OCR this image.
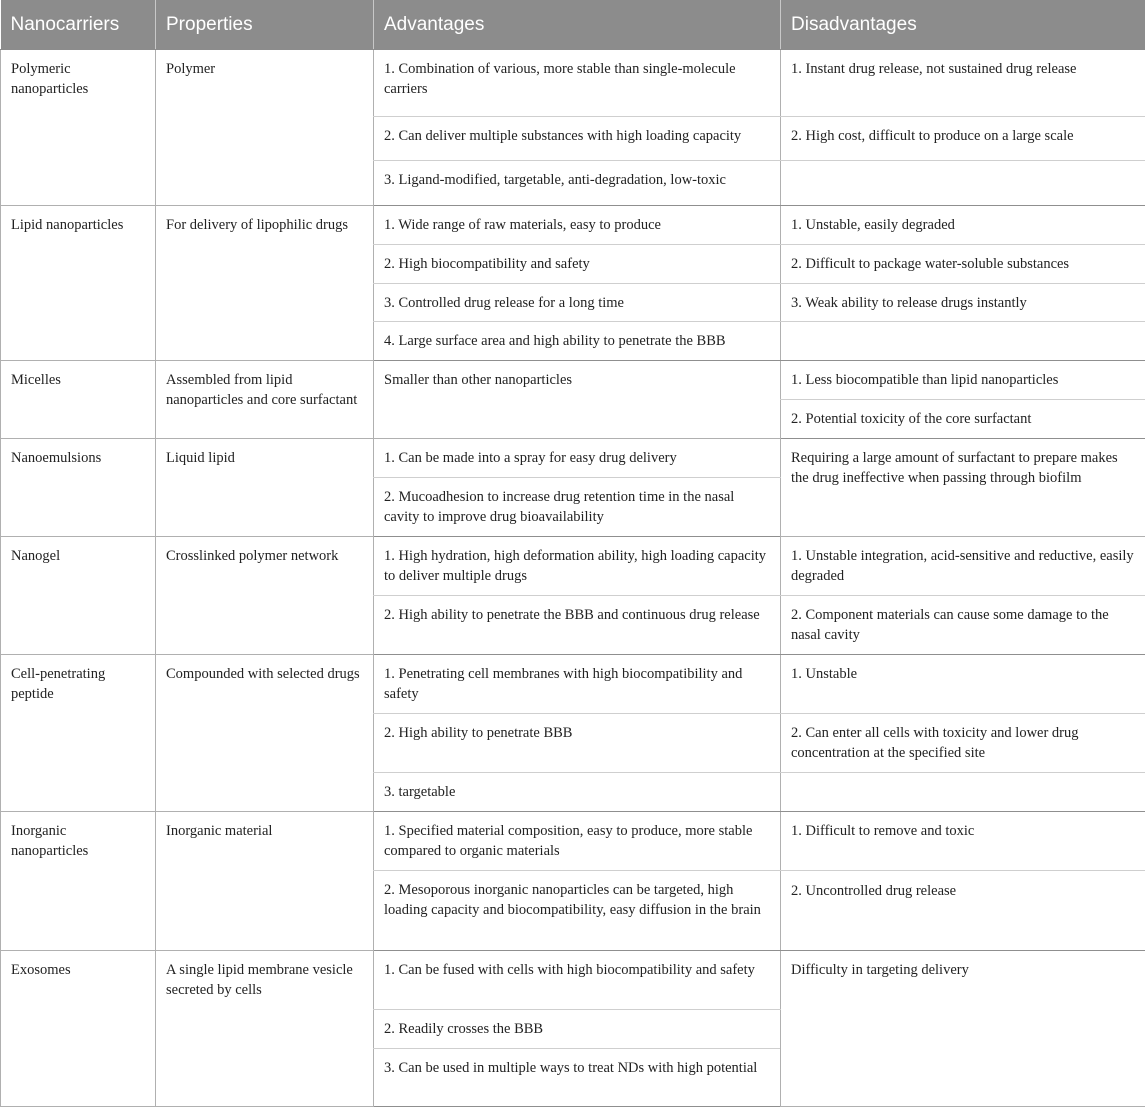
Nanocarriers	Properties	Advantages	Disadvantages
Polymeric nanoparticles	Polymer	1. Combination of various, more stable than single-molecule carriers	1. Instant drug release, not sustained drug release
		2. Can deliver multiple substances with high loading capacity	2. High cost, difficult to produce on a large scale
		3. Ligand-modified, targetable, anti-degradation, low-toxic	
Lipid nanoparticles	For delivery of lipophilic drugs	1. Wide range of raw materials, easy to produce	1. Unstable, easily degraded
		2. High biocompatibility and safety	2. Difficult to package water-soluble substances
		3. Controlled drug release for a long time	3. Weak ability to release drugs instantly
		4. Large surface area and high ability to penetrate the BBB	
Micelles	Assembled from lipid nanoparticles and core surfactant	Smaller than other nanoparticles	1. Less biocompatible than lipid nanoparticles
			2. Potential toxicity of the core surfactant
Nanoemulsions	Liquid lipid	1. Can be made into a spray for easy drug delivery	Requiring a large amount of surfactant to prepare makes the drug ineffective when passing through biofilm
		2. Mucoadhesion to increase drug retention time in the nasal cavity to improve drug bioavailability	
Nanogel	Crosslinked polymer network	1. High hydration, high deformation ability, high loading capacity to deliver multiple drugs	1. Unstable integration, acid-sensitive and reductive, easily degraded
		2. High ability to penetrate the BBB and continuous drug release	2. Component materials can cause some damage to the nasal cavity
Cell-penetrating peptide	Compounded with selected drugs	1. Penetrating cell membranes with high biocompatibility and safety	1. Unstable
		2. High ability to penetrate BBB	2. Can enter all cells with toxicity and lower drug concentration at the specified site
		3. targetable	
Inorganic nanoparticles	Inorganic material	1. Specified material composition, easy to produce, more stable compared to organic materials	1. Difficult to remove and toxic
		2. Mesoporous inorganic nanoparticles can be targeted, high loading capacity and biocompatibility, easy diffusion in the brain	2. Uncontrolled drug release
Exosomes	A single lipid membrane vesicle secreted by cells	1. Can be fused with cells with high biocompatibility and safety	Difficulty in targeting delivery
		2. Readily crosses the BBB	
		3. Can be used in multiple ways to treat NDs with high potential	
